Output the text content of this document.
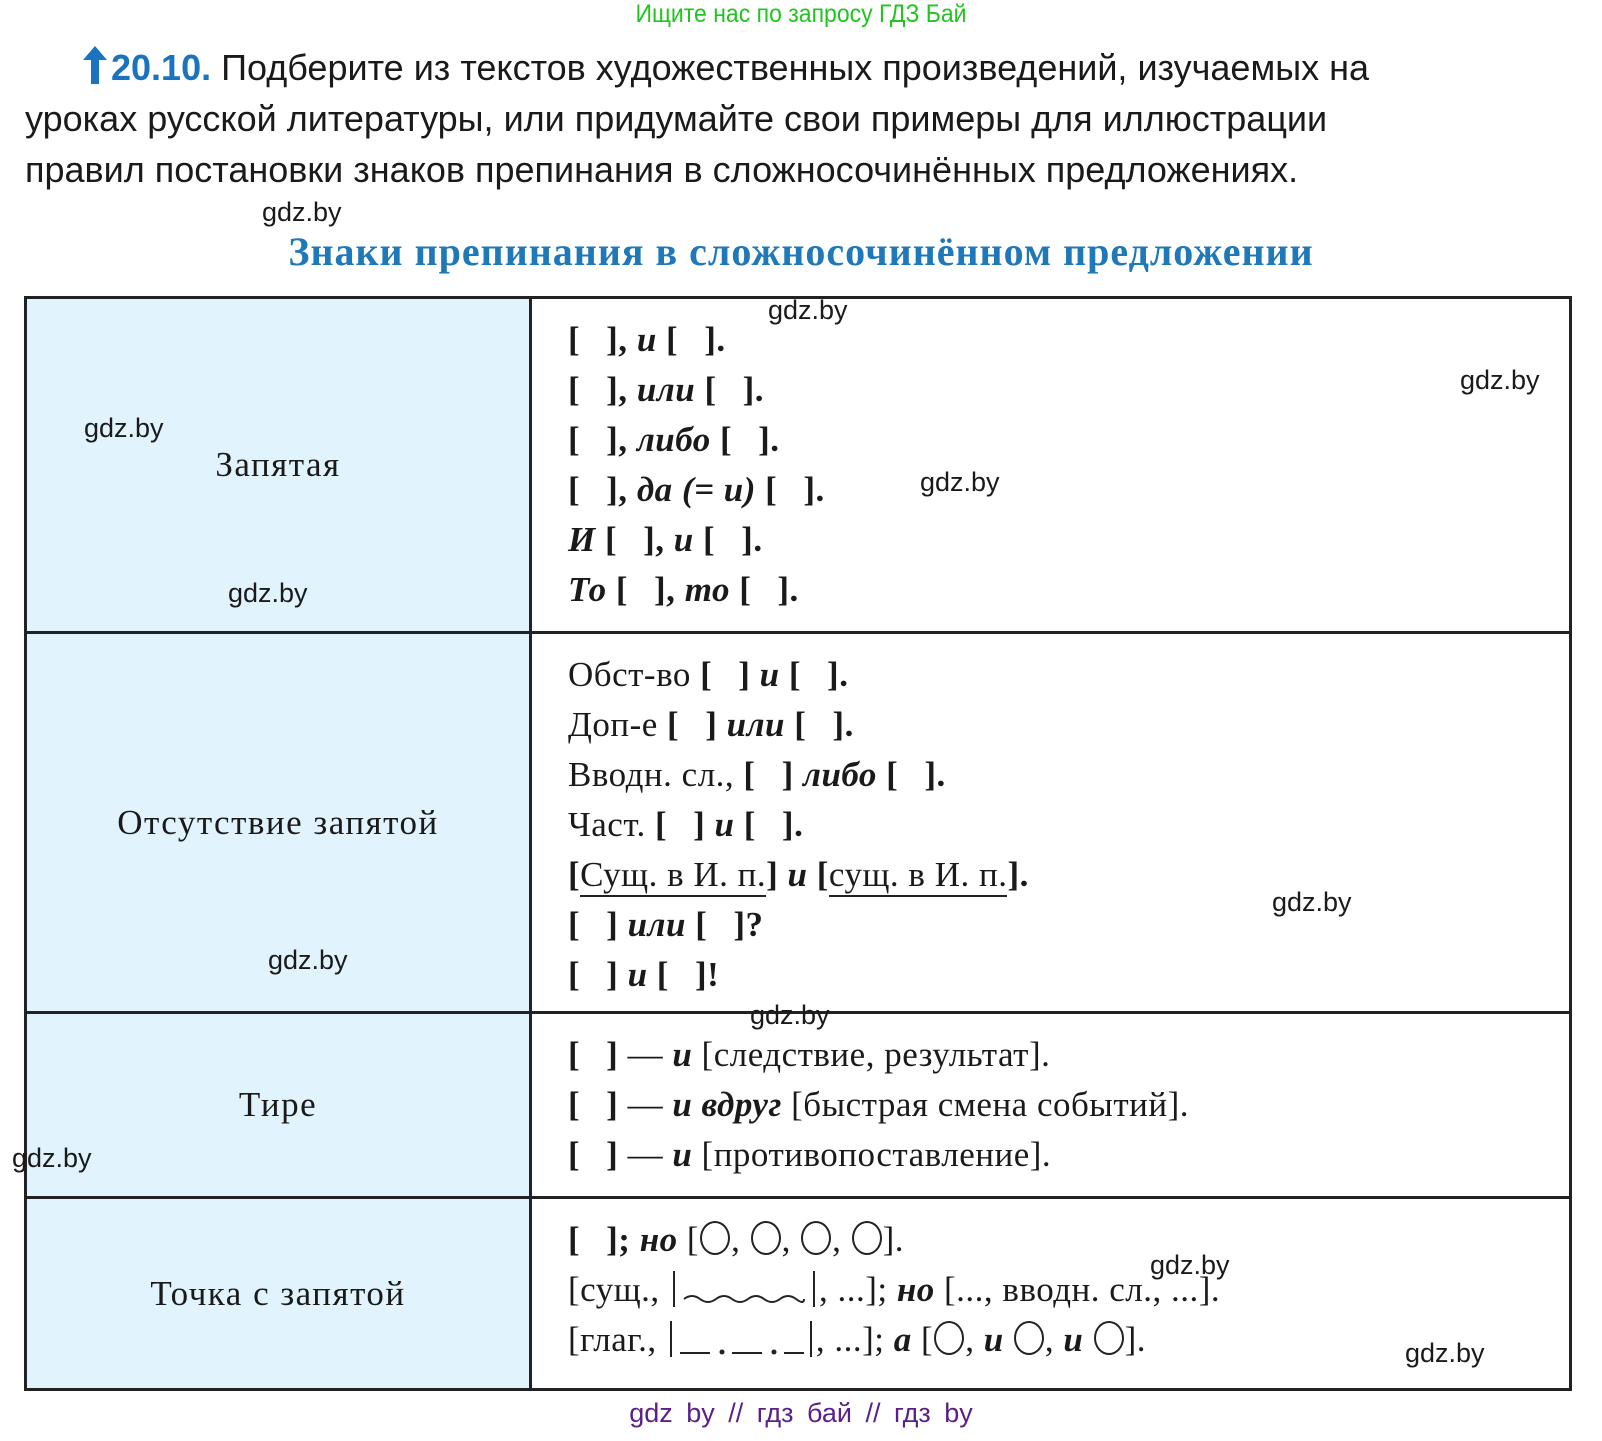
Ищите нас по запросу ГДЗ Бай
20.10. Подберите из текстов художественных произведений, изучаемых на
уроках русской литературы, или придумайте свои примеры для иллюстрации
правил постановки знаков препинания в сложносочинённых предложениях.
Знаки препинания в сложносочинённом предложении
Запятая	
[ ], и [ ].
[ ], или [ ].
[ ], либо [ ].
[ ], да (= и) [ ].
И [ ], и [ ].
То [ ], то [ ].

Отсутствие запятой	
Обст-во [ ] и [ ].
Доп-е [ ] или [ ].
Вводн. сл., [ ] либо [ ].
Част. [ ] и [ ].
[Сущ. в И. п.] и [сущ. в И. п.].
[ ] или [ ]?
[ ] и [ ]!

Тире	[ ] — и [следствие, результат].
[ ] — и вдруг [быстрая смена событий].
[ ] — и [противопоставление].

Точка с запятой	[ ]; но [ , , , ].
[сущ., , ...]; но [..., вводн. сл., ...].
[глаг., , ...]; а [ , и , и ].
gdz.by
gdz.by
gdz.by
gdz.by
gdz.by
gdz.by
gdz.by
gdz.by
gdz.by
gdz.by
gdz.by
gdz.by
gdz by // гдз бай // гдз by
